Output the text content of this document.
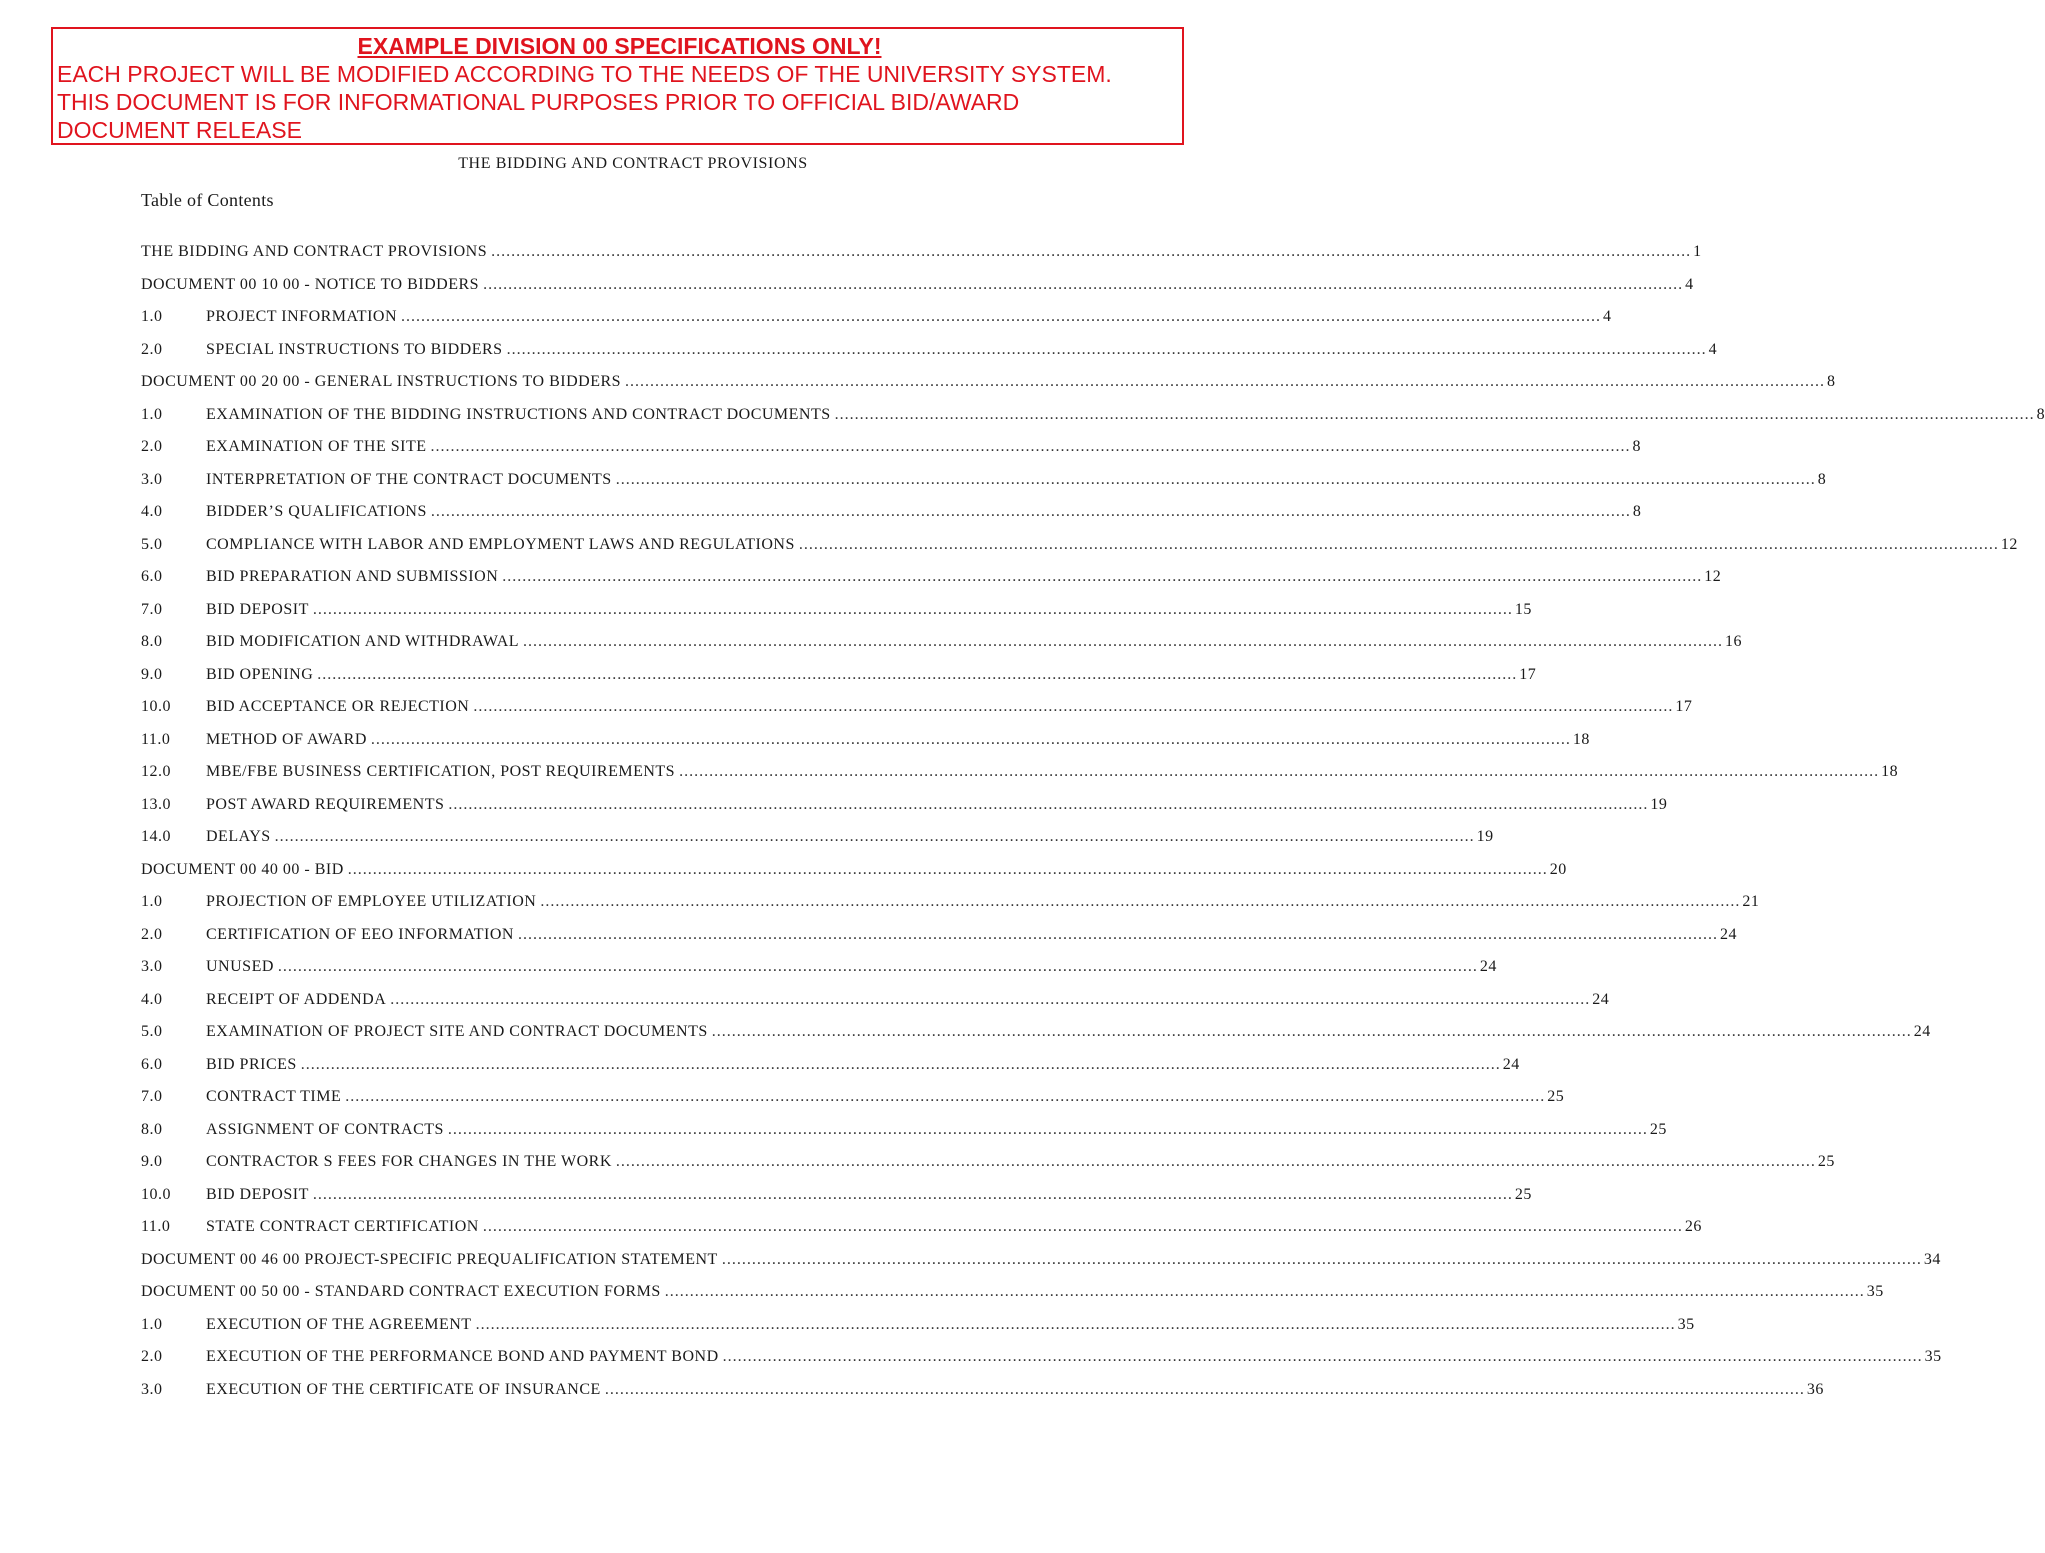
EXAMPLE DIVISION 00 SPECIFICATIONS ONLY!
EACH PROJECT WILL BE MODIFIED ACCORDING TO THE NEEDS OF THE UNIVERSITY SYSTEM.
THIS DOCUMENT IS FOR INFORMATIONAL PURPOSES PRIOR TO OFFICIAL BID/AWARD
DOCUMENT RELEASE
THE BIDDING AND CONTRACT PROVISIONS
Table of Contents
THE BIDDING AND CONTRACT PROVISIONS .....	1
DOCUMENT 00 10 00 - NOTICE TO BIDDERS .....	4
1.0	PROJECT INFORMATION .....	4
2.0	SPECIAL INSTRUCTIONS TO BIDDERS .....	4
DOCUMENT 00 20 00 - GENERAL INSTRUCTIONS TO BIDDERS .....	8
1.0	EXAMINATION OF THE BIDDING INSTRUCTIONS AND CONTRACT DOCUMENTS .....	8
2.0	EXAMINATION OF THE SITE .....	8
3.0	INTERPRETATION OF THE CONTRACT DOCUMENTS .....	8
4.0	BIDDER’S QUALIFICATIONS .....	8
5.0	COMPLIANCE WITH LABOR AND EMPLOYMENT LAWS AND REGULATIONS .....	12
6.0	BID PREPARATION AND SUBMISSION .....	12
7.0	BID DEPOSIT .....	15
8.0	BID MODIFICATION AND WITHDRAWAL .....	16
9.0	BID OPENING .....	17
10.0	BID ACCEPTANCE OR REJECTION .....	17
11.0	METHOD OF AWARD .....	18
12.0	MBE/FBE BUSINESS CERTIFICATION, POST REQUIREMENTS .....	18
13.0	POST AWARD REQUIREMENTS .....	19
14.0	DELAYS .....	19
DOCUMENT 00 40 00 - BID .....	20
1.0	PROJECTION OF EMPLOYEE UTILIZATION .....	21
2.0	CERTIFICATION OF EEO INFORMATION .....	24
3.0	UNUSED .....	24
4.0	RECEIPT OF ADDENDA .....	24
5.0	EXAMINATION OF PROJECT SITE AND CONTRACT DOCUMENTS .....	24
6.0	BID PRICES .....	24
7.0	CONTRACT TIME .....	25
8.0	ASSIGNMENT OF CONTRACTS .....	25
9.0	CONTRACTOR S FEES FOR CHANGES IN THE WORK .....	25
10.0	BID DEPOSIT .....	25
11.0	STATE CONTRACT CERTIFICATION .....	26
DOCUMENT 00 46 00 PROJECT-SPECIFIC PREQUALIFICATION STATEMENT .....	34
DOCUMENT 00 50 00 - STANDARD CONTRACT EXECUTION FORMS .....	35
1.0	EXECUTION OF THE AGREEMENT .....	35
2.0	EXECUTION OF THE PERFORMANCE BOND AND PAYMENT BOND .....	35
3.0	EXECUTION OF THE CERTIFICATE OF INSURANCE .....	36
